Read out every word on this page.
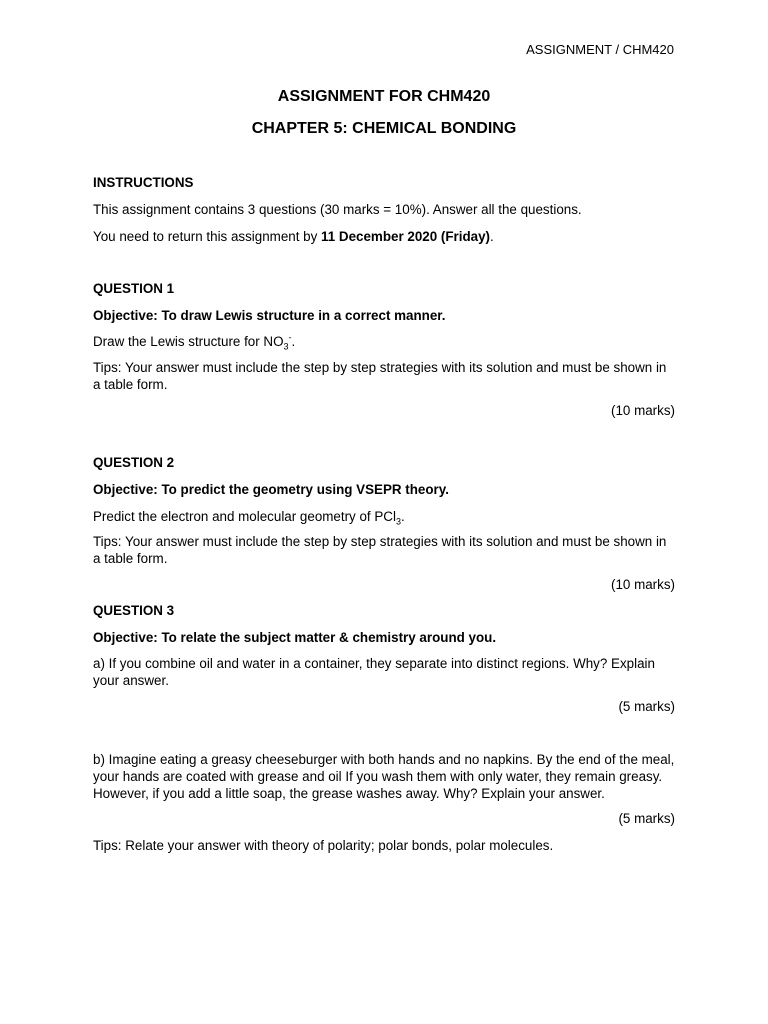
ASSIGNMENT / CHM420
ASSIGNMENT FOR CHM420
CHAPTER 5: CHEMICAL BONDING
INSTRUCTIONS
This assignment contains 3 questions (30 marks = 10%). Answer all the questions.
You need to return this assignment by 11 December 2020 (Friday).
QUESTION 1
Objective: To draw Lewis structure in a correct manner.
Draw the Lewis structure for $NO_3^-$.
Tips: Your answer must include the step by step strategies with its solution and must be shown in a table form.
(10 marks)
QUESTION 2
Objective: To predict the geometry using VSEPR theory.
Predict the electron and molecular geometry of PCl$_3$.
Tips: Your answer must include the step by step strategies with its solution and must be shown in a table form.
(10 marks)
QUESTION 3
Objective: To relate the subject matter & chemistry around you.
a) If you combine oil and water in a container, they separate into distinct regions. Why? Explain your answer.
(5 marks)
b) Imagine eating a greasy cheeseburger with both hands and no napkins. By the end of the meal, your hands are coated with grease and oil If you wash them with only water, they remain greasy. However, if you add a little soap, the grease washes away. Why? Explain your answer.
(5 marks)
Tips: Relate your answer with theory of polarity; polar bonds, polar molecules.
